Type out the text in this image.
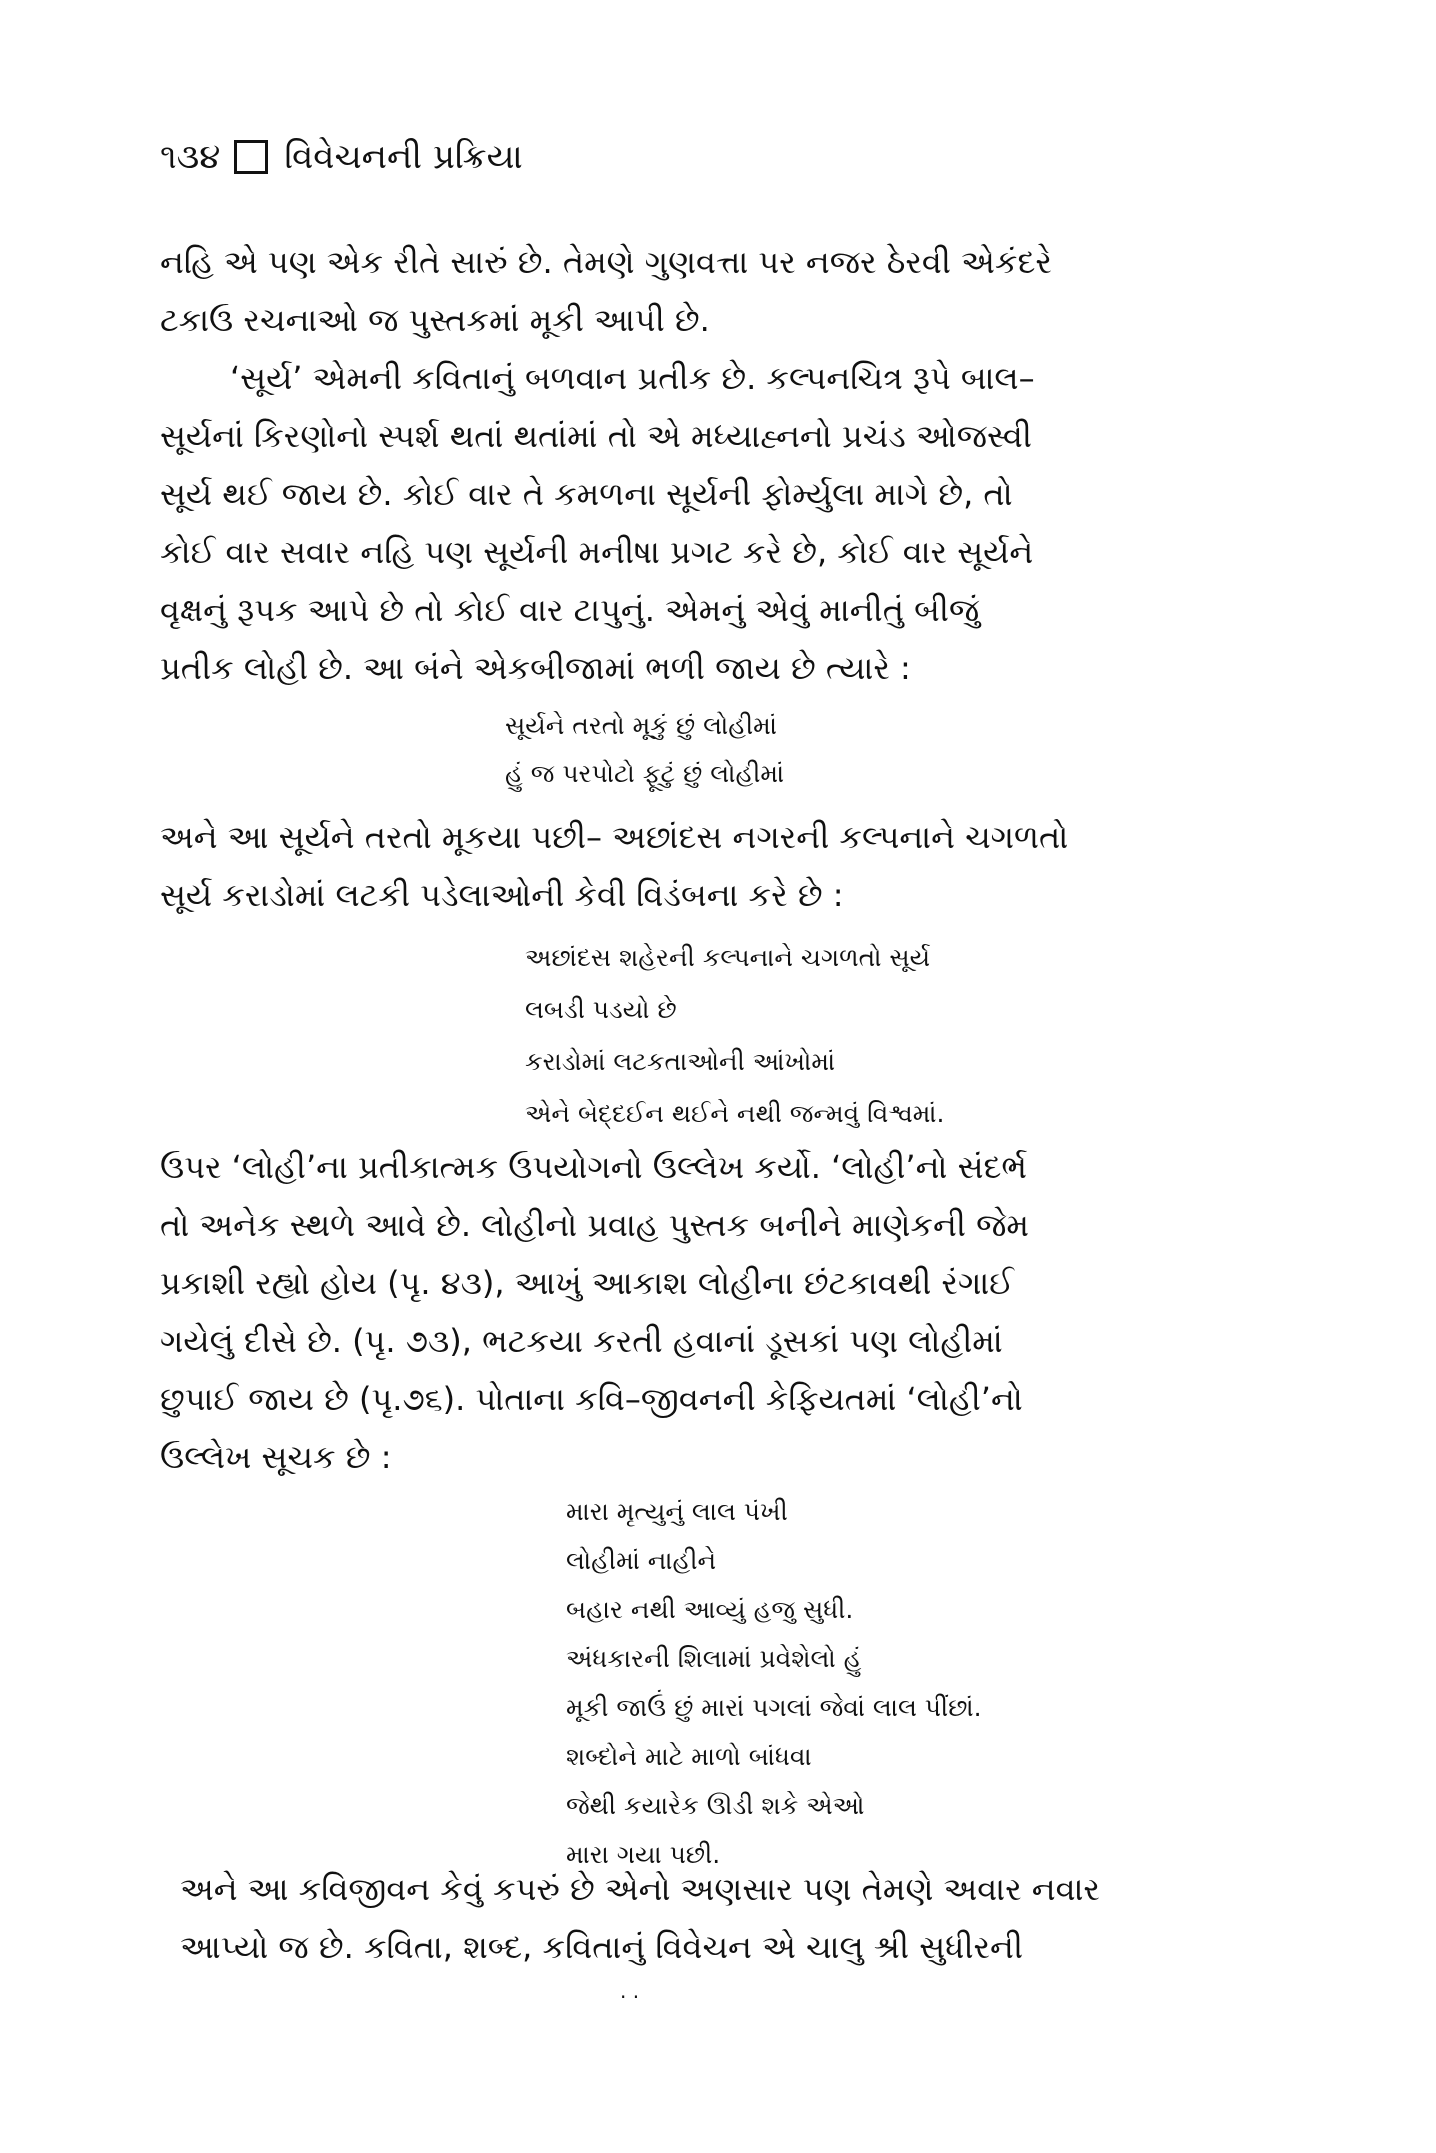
૧૩૪ વિવેચનની પ્રક્રિયા

નહિ એ પણ એક રીતે સારું છે. તેમણે ગુણવત્તા પર નજર ઠેરવી એકંદરે
ટકાઉ રચનાઓ જ પુસ્તકમાં મૂકી આપી છે.

‘સૂર્ય’ એમની કવિતાનું બળવાન પ્રતીક છે. કલ્પનચિત્ર રૂપે બાલ–
સૂર્યનાં કિરણોનો સ્પર્શ થતાં થતાંમાં તો એ મધ્યાહ્નનો પ્રચંડ ઓજસ્વી
સૂર્ય થઈ જાય છે. કોઈ વાર તે કમળના સૂર્યની ફોર્મ્યુલા માગે છે, તો
કોઈ વાર સવાર નહિ પણ સૂર્યની મનીષા પ્રગટ કરે છે, કોઈ વાર સૂર્યને
વૃક્ષનું રૂપક આપે છે તો કોઈ વાર ટાપુનું. એમનું એવું માનીતું બીજું
પ્રતીક લોહી છે. આ બંને એકબીજામાં ભળી જાય છે ત્યારે :

સૂર્યને તરતો મૂકું છું લોહીમાં
હું જ પરપોટો ફૂટું છું લોહીમાં

અને આ સૂર્યને તરતો મૂકયા પછી– અછાંદસ નગરની કલ્પનાને ચગળતો
સૂર્ય કરાડોમાં લટકી પડેલાઓની કેવી વિડંબના કરે છે :

અછાંદસ શહેરની કલ્પનાને ચગળતો સૂર્ય
લબડી પડયો છે
કરાડોમાં લટકતાઓની આંખોમાં
એને બેદ્દઈન થઈને નથી જન્મવું વિશ્વમાં.

ઉપર ‘લોહી’ના પ્રતીકાત્મક ઉપયોગનો ઉલ્લેખ કર્યો. ‘લોહી’નો સંદર્ભ
તો અનેક સ્થળે આવે છે. લોહીનો પ્રવાહ પુસ્તક બનીને માણેકની જેમ
પ્રકાશી રહ્યો હોય (પૃ. ૪૩), આખું આકાશ લોહીના છંટકાવથી રંગાઈ
ગયેલું દીસે છે. (પૃ. ૭૩), ભટકયા કરતી હવાનાં ડૂસકાં પણ લોહીમાં
છુપાઈ જાય છે (પૃ.૭૬). પોતાના કવિ–જીવનની કેફિયતમાં ‘લોહી’નો
ઉલ્લેખ સૂચક છે :

મારા મૃત્યુનું લાલ પંખી
લોહીમાં નાહીને
બહાર નથી આવ્યું હજુ સુધી.
અંધકારની શિલામાં પ્રવેશેલો હું
મૂકી જાઉં છું મારાં પગલાં જેવાં લાલ પીંછાં.
શબ્દોને માટે માળો બાંધવા
જેથી કયારેક ઊડી શકે એઓ
મારા ગયા પછી.

અને આ કવિજીવન કેવું કપરું છે એનો અણસાર પણ તેમણે અવાર નવાર
આપ્યો જ છે. કવિતા, શબ્દ, કવિતાનું વિવેચન એ ચાલુ શ્રી સુધીરની

· ·
